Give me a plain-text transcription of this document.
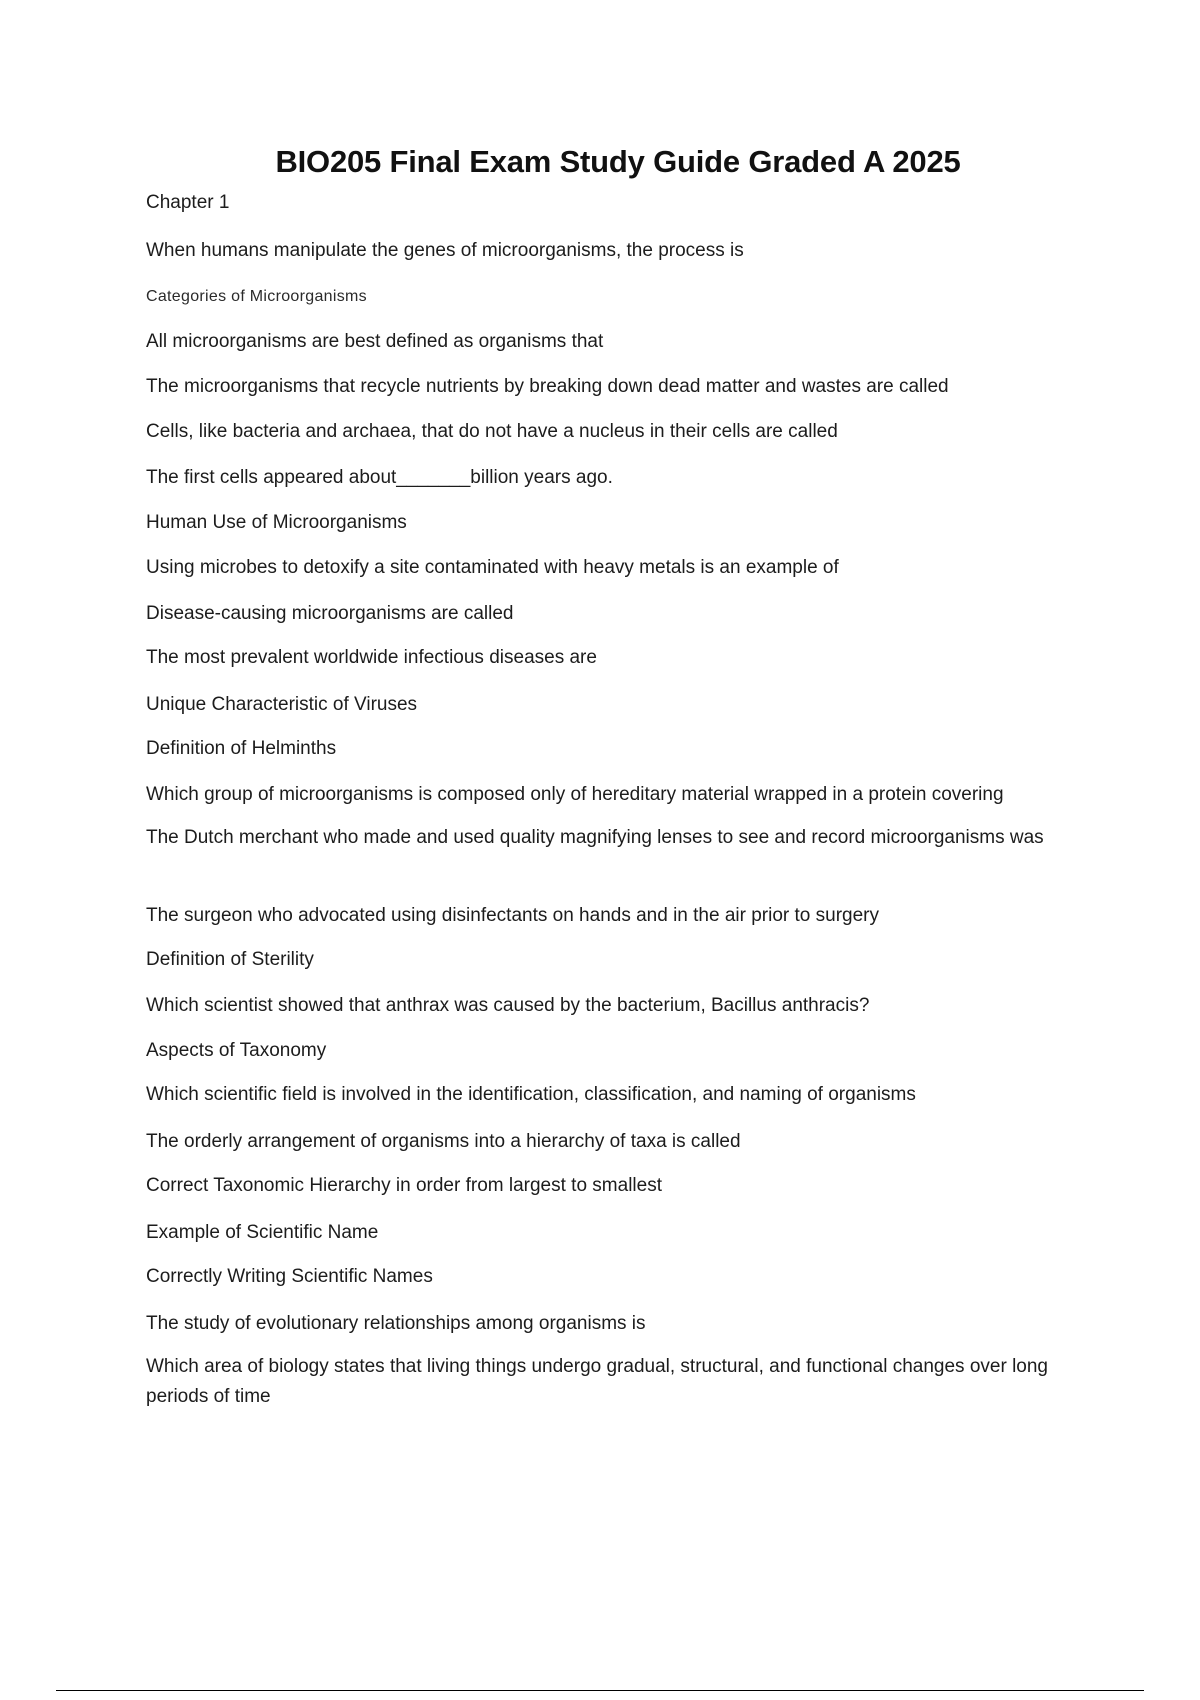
BIO205 Final Exam Study Guide Graded A 2025
Chapter 1
When humans manipulate the genes of microorganisms, the process is
Categories of Microorganisms
All microorganisms are best defined as organisms that
The microorganisms that recycle nutrients by breaking down dead matter and wastes are called
Cells, like bacteria and archaea, that do not have a nucleus in their cells are called
The first cells appeared about_______billion years ago.
Human Use of Microorganisms
Using microbes to detoxify a site contaminated with heavy metals is an example of
Disease-causing microorganisms are called
The most prevalent worldwide infectious diseases are
Unique Characteristic of Viruses
Definition of Helminths
Which group of microorganisms is composed only of hereditary material wrapped in a protein covering
The Dutch merchant who made and used quality magnifying lenses to see and record microorganisms was
The surgeon who advocated using disinfectants on hands and in the air prior to surgery
Definition of Sterility
Which scientist showed that anthrax was caused by the bacterium, Bacillus anthracis?
Aspects of Taxonomy
Which scientific field is involved in the identification, classification, and naming of organisms
The orderly arrangement of organisms into a hierarchy of taxa is called
Correct Taxonomic Hierarchy in order from largest to smallest
Example of Scientific Name
Correctly Writing Scientific Names
The study of evolutionary relationships among organisms is
Which area of biology states that living things undergo gradual, structural, and functional changes over long periods of time
